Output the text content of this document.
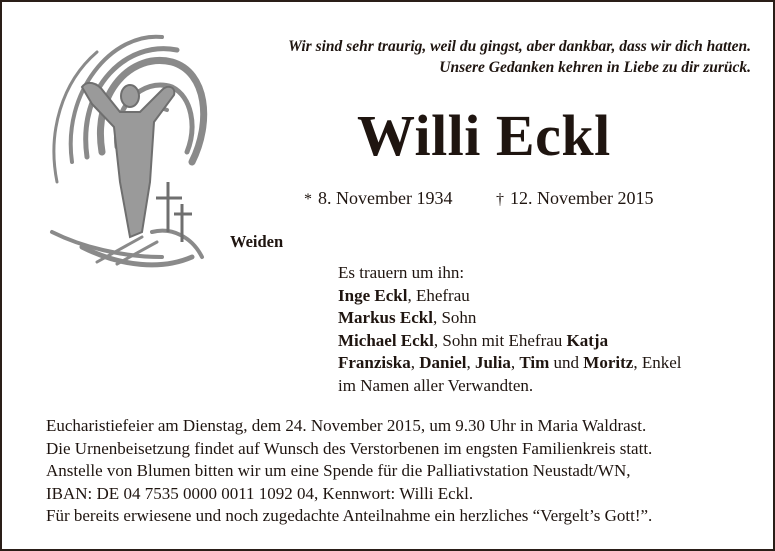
Wir sind sehr traurig, weil du gingst, aber dankbar, dass wir dich hatten.
Unsere Gedanken kehren in Liebe zu dir zurück.
Willi Eckl
* 8. November 1934	† 12. November 2015
Weiden
Es trauern um ihn:
Inge Eckl, Ehefrau
Markus Eckl, Sohn
Michael Eckl, Sohn mit Ehefrau Katja
Franziska, Daniel, Julia, Tim und Moritz, Enkel
im Namen aller Verwandten.
Eucharistiefeier am Dienstag, dem 24. November 2015, um 9.30 Uhr in Maria Waldrast.
Die Urnenbeisetzung findet auf Wunsch des Verstorbenen im engsten Familienkreis statt.
Anstelle von Blumen bitten wir um eine Spende für die Palliativstation Neustadt/WN,
IBAN: DE 04 7535 0000 0011 1092 04, Kennwort: Willi Eckl.
Für bereits erwiesene und noch zugedachte Anteilnahme ein herzliches “Vergelt’s Gott!”.
